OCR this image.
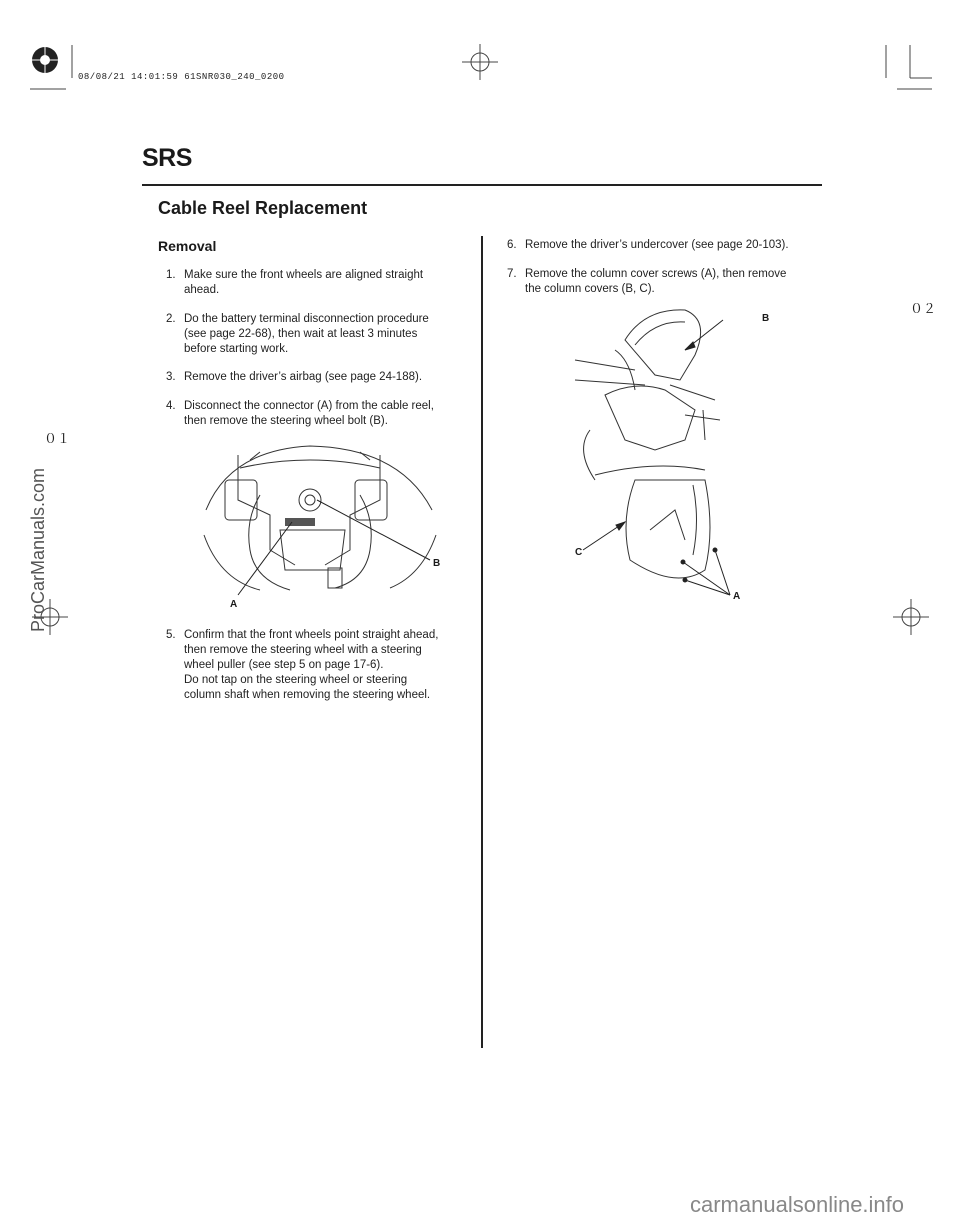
08/08/21 14:01:59 61SNR030_240_0200
SRS
Cable Reel Replacement
Removal
1. Make sure the front wheels are aligned straight
ahead.
2. Do the battery terminal disconnection procedure
(see page 22-68), then wait at least 3 minutes
before starting work.
3. Remove the driver’s airbag (see page 24-188).
4. Disconnect the connector (A) from the cable reel,
then remove the steering wheel bolt (B).
B
A
5. Confirm that the front wheels point straight ahead,
then remove the steering wheel with a steering
wheel puller (see step 5 on page 17-6).
Do not tap on the steering wheel or steering
column shaft when removing the steering wheel.
6. Remove the driver’s undercover (see page 20-103).
7. Remove the column cover screws (A), then remove
the column covers (B, C).
B
C
A
０１
０２
ProCarManuals.com
carmanualsonline.info
